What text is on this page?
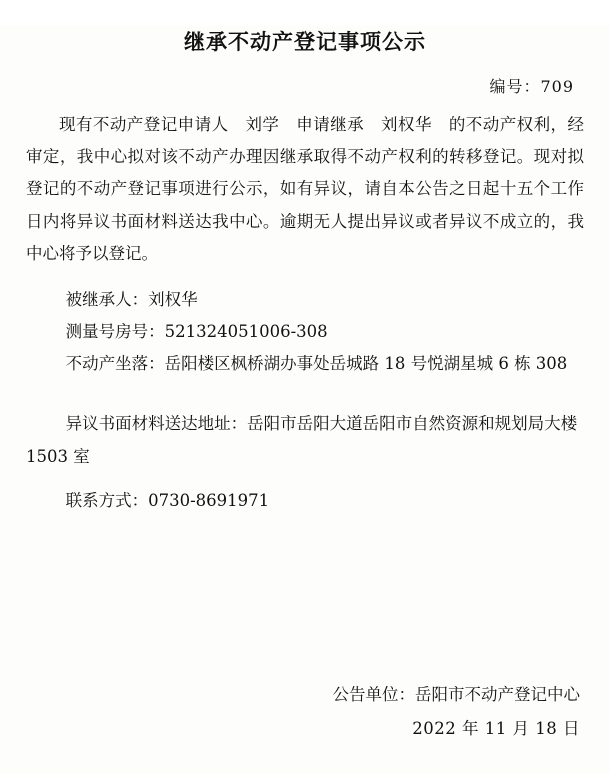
继承不动产登记事项公示
编号：709

现有不动产登记申请人　刘学　申请继承　刘权华　的不动产权利，经审定，我中心拟对该不动产办理因继承取得不动产权利的转移登记。现对拟登记的不动产登记事项进行公示，如有异议，请自本公告之日起十五个工作日内将异议书面材料送达我中心。逾期无人提出异议或者异议不成立的，我中心将予以登记。

被继承人：刘权华

测量号房号：521324051006-308

不动产坐落：岳阳楼区枫桥湖办事处岳城路 18 号悦湖星城 6 栋 308

异议书面材料送达地址：岳阳市岳阳大道岳阳市自然资源和规划局大楼 1503 室

联系方式：0730-8691971

公告单位：岳阳市不动产登记中心

2022 年 11 月 18 日
